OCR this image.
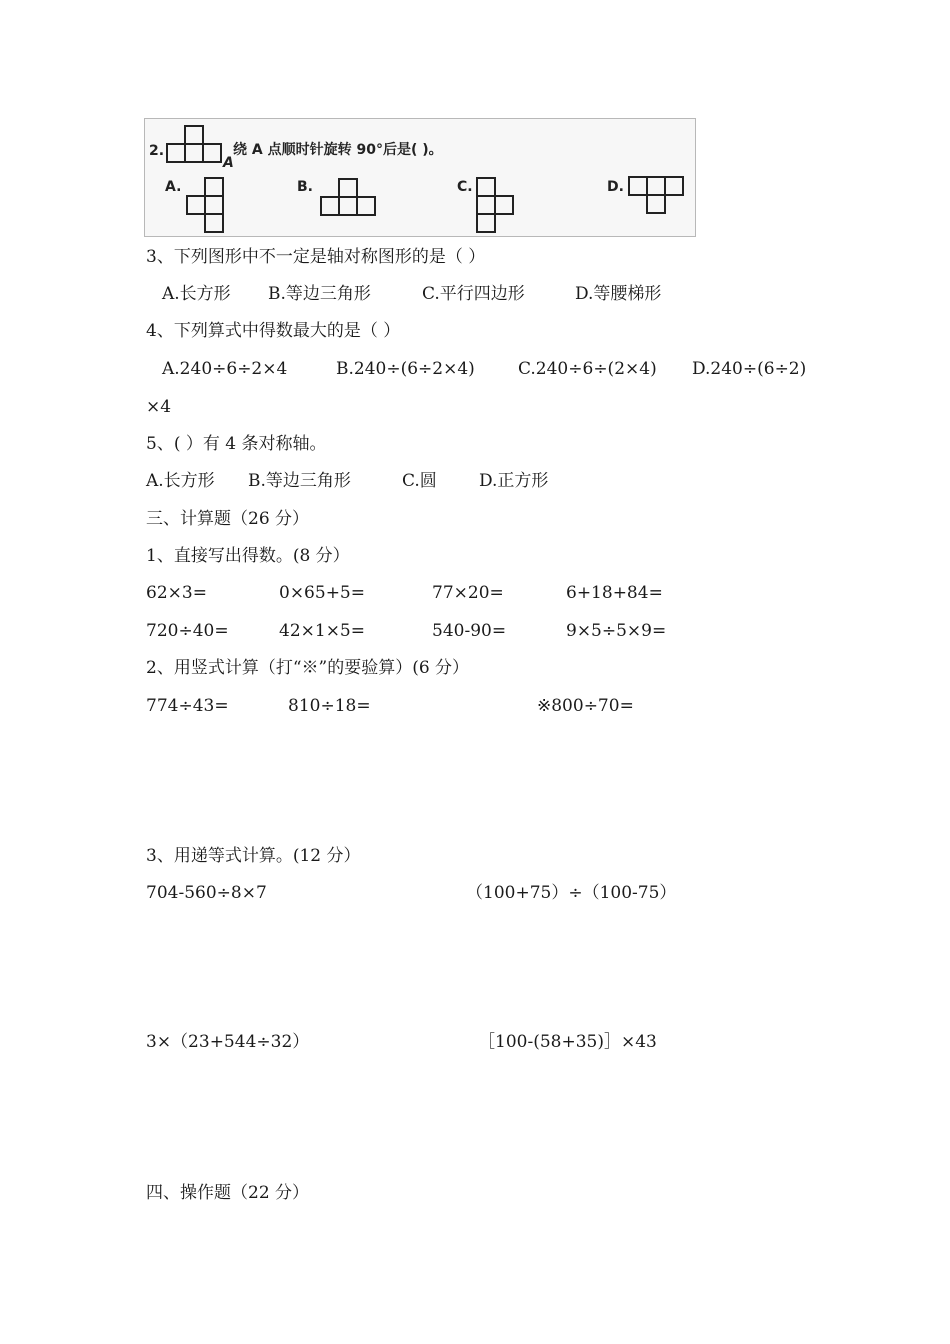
2.
A
绕 A 点顺时针旋转 90°后是( )。
A.	B.	C.	D.
3、下列图形中不一定是轴对称图形的是（ ）
A.长方形 B.等边三角形	C.平行四边形	D.等腰梯形
4、下列算式中得数最大的是（ ）
A.240÷6÷2×4	B.240÷(6÷2×4)	C.240÷6÷(2×4) D.240÷(6÷2)
×4
5、( ）有 4 条对称轴。
A.长方形 B.等边三角形	C.圆 D.正方形
三、计算题（26 分）
1、直接写出得数。(8 分）
62×3=	0×65+5=	77×20=	6+18+84=
720÷40=	42×1×5=	540-90=	9×5÷5×9=
2、用竖式计算（打“※”的要验算）(6 分）
774÷43=	810÷18=	※800÷70=
3、用递等式计算。(12 分）
704-560÷8×7	（100+75）÷（100-75）
3×（23+544÷32）	［100-(58+35)］×43
四、操作题（22 分）
